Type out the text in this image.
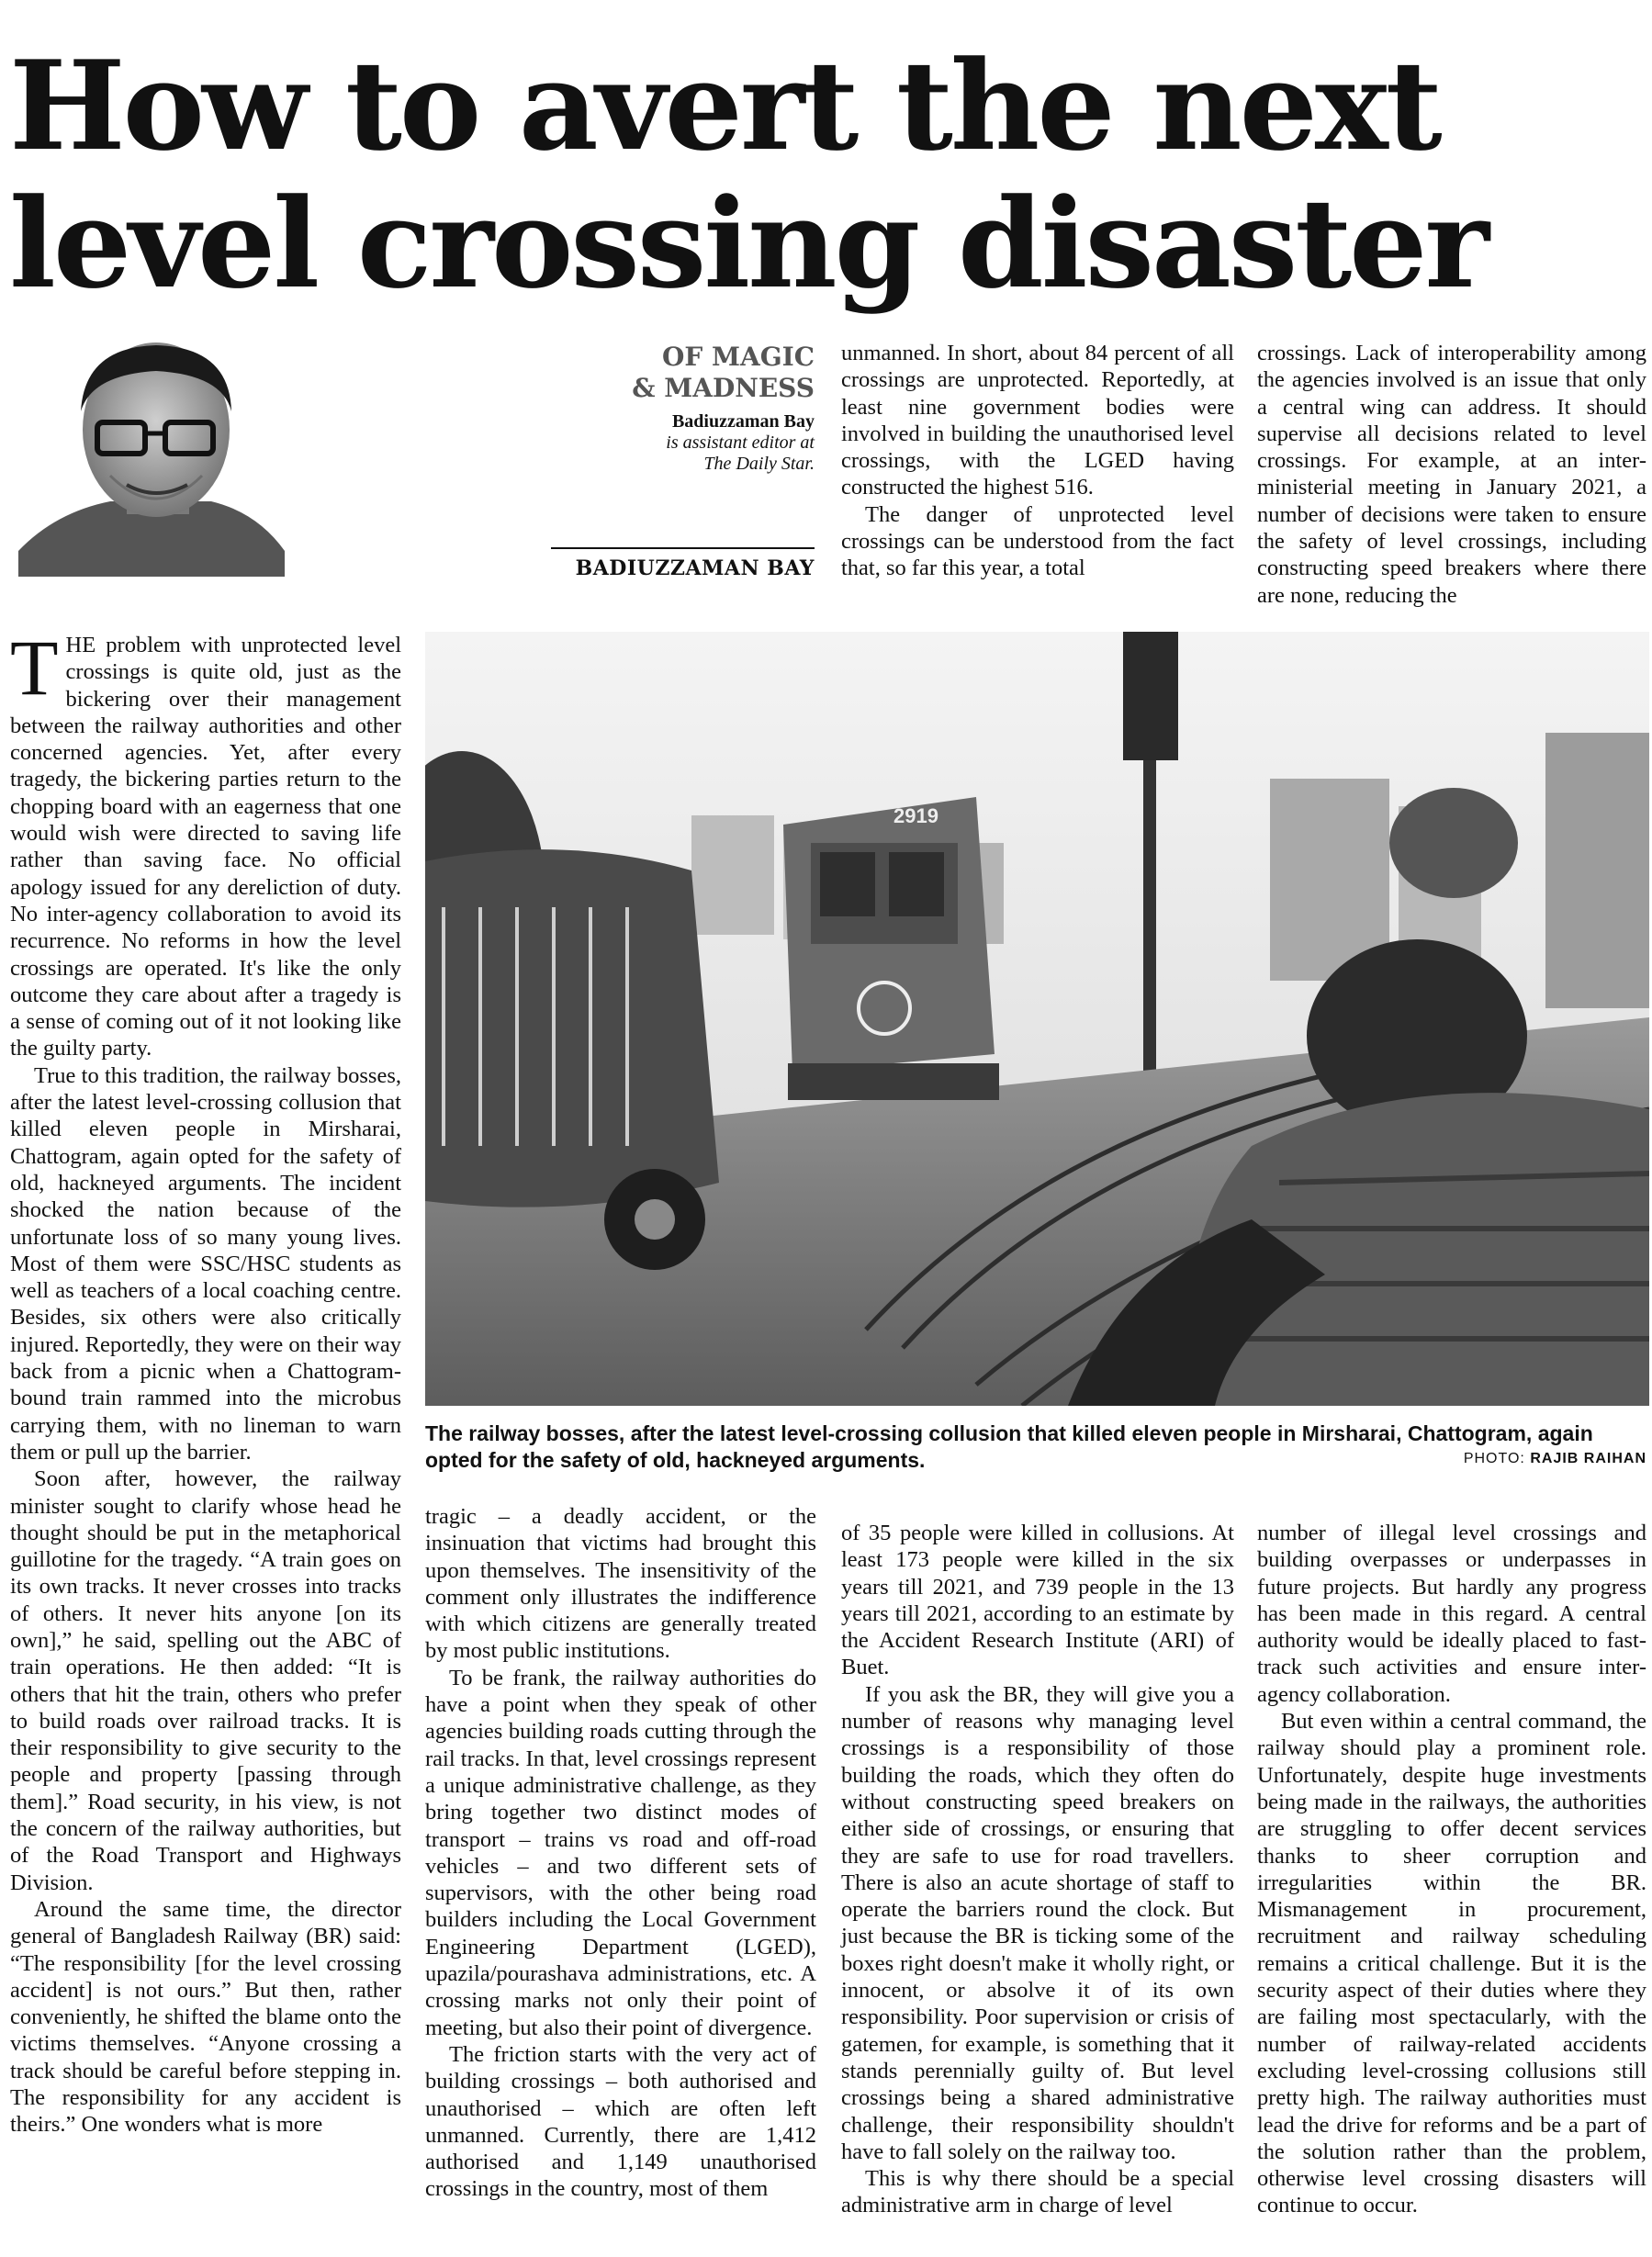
How to avert the next level crossing disaster
OF MAGIC
& MADNESS
Badiuzzaman Bay
is assistant editor at
The Daily Star.
BADIUZZAMAN BAY

unmanned. In short, about 84 percent of all crossings are unprotected. Reportedly, at least nine government bodies were involved in building the unauthorised level crossings, with the LGED having constructed the highest 516.

The danger of unprotected level crossings can be understood from the fact that, so far this year, a total

crossings. Lack of interoperability among the agencies involved is an issue that only a central wing can address. It should supervise all decisions related to level crossings. For example, at an inter-ministerial meeting in January 2021, a number of decisions were taken to ensure the safety of level crossings, including constructing speed breakers where there are none, reducing the

THE problem with unprotected level crossings is quite old, just as the bickering over their management between the railway authorities and other concerned agencies. Yet, after every tragedy, the bickering parties return to the chopping board with an eagerness that one would wish were directed to saving life rather than saving face. No official apology issued for any dereliction of duty. No inter-agency collaboration to avoid its recurrence. No reforms in how the level crossings are operated. It's like the only outcome they care about after a tragedy is a sense of coming out of it not looking like the guilty party.

True to this tradition, the railway bosses, after the latest level-crossing collusion that killed eleven people in Mirsharai, Chattogram, again opted for the safety of old, hackneyed arguments. The incident shocked the nation because of the unfortunate loss of so many young lives. Most of them were SSC/HSC students as well as teachers of a local coaching centre. Besides, six others were also critically injured. Reportedly, they were on their way back from a picnic when a Chattogram-bound train rammed into the microbus carrying them, with no lineman to warn them or pull up the barrier.

Soon after, however, the railway minister sought to clarify whose head he thought should be put in the metaphorical guillotine for the tragedy. “A train goes on its own tracks. It never crosses into tracks of others. It never hits anyone [on its own],” he said, spelling out the ABC of train operations. He then added: “It is others that hit the train, others who prefer to build roads over railroad tracks. It is their responsibility to give security to the people and property [passing through them].” Road security, in his view, is not the concern of the railway authorities, but of the Road Transport and Highways Division.

Around the same time, the director general of Bangladesh Railway (BR) said: “The responsibility [for the level crossing accident] is not ours.” But then, rather conveniently, he shifted the blame onto the victims themselves. “Anyone crossing a track should be careful before stepping in. The responsibility for any accident is theirs.” One wonders what is more

2919
The railway bosses, after the latest level-crossing collusion that killed eleven people in Mirsharai, Chattogram, again opted for the safety of old, hackneyed arguments.	PHOTO: RAJIB RAIHAN

tragic – a deadly accident, or the insinuation that victims had brought this upon themselves. The insensitivity of the comment only illustrates the indifference with which citizens are generally treated by most public institutions.

To be frank, the railway authorities do have a point when they speak of other agencies building roads cutting through the rail tracks. In that, level crossings represent a unique administrative challenge, as they bring together two distinct modes of transport – trains vs road and off-road vehicles – and two different sets of supervisors, with the other being road builders including the Local Government Engineering Department (LGED), upazila/pourashava administrations, etc. A crossing marks not only their point of meeting, but also their point of divergence.

The friction starts with the very act of building crossings – both authorised and unauthorised – which are often left unmanned. Currently, there are 1,412 authorised and 1,149 unauthorised crossings in the country, most of them

of 35 people were killed in collusions. At least 173 people were killed in the six years till 2021, and 739 people in the 13 years till 2021, according to an estimate by the Accident Research Institute (ARI) of Buet.

If you ask the BR, they will give you a number of reasons why managing level crossings is a responsibility of those building the roads, which they often do without constructing speed breakers on either side of crossings, or ensuring that they are safe to use for road travellers. There is also an acute shortage of staff to operate the barriers round the clock. But just because the BR is ticking some of the boxes right doesn't make it wholly right, or innocent, or absolve it of its own responsibility. Poor supervision or crisis of gatemen, for example, is something that it stands perennially guilty of. But level crossings being a shared administrative challenge, their responsibility shouldn't have to fall solely on the railway too.

This is why there should be a special administrative arm in charge of level

number of illegal level crossings and building overpasses or underpasses in future projects. But hardly any progress has been made in this regard. A central authority would be ideally placed to fast-track such activities and ensure inter-agency collaboration.

But even within a central command, the railway should play a prominent role. Unfortunately, despite huge investments being made in the railways, the authorities are struggling to offer decent services thanks to sheer corruption and irregularities within the BR. Mismanagement in procurement, recruitment and railway scheduling remains a critical challenge. But it is the security aspect of their duties where they are failing most spectacularly, with the number of railway-related accidents excluding level-crossing collusions still pretty high. The railway authorities must lead the drive for reforms and be a part of the solution rather than the problem, otherwise level crossing disasters will continue to occur.
